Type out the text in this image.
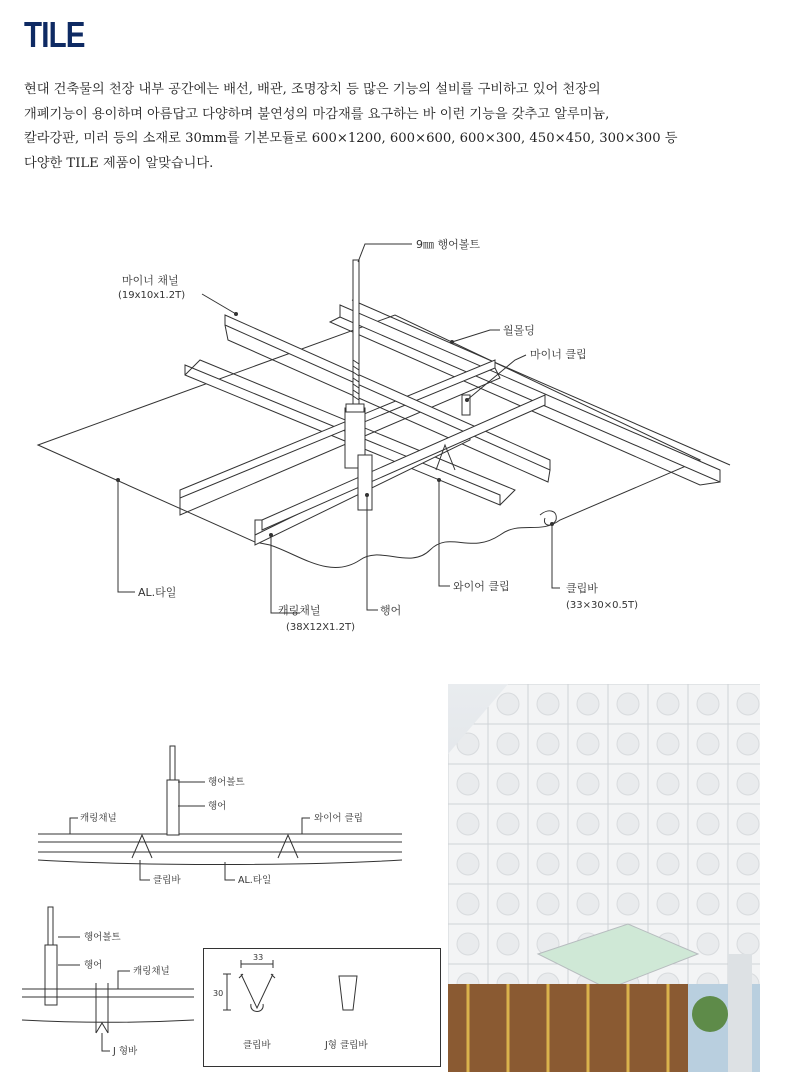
TILE

현대 건축물의 천장 내부 공간에는 배선, 배관, 조명장치 등 많은 기능의 설비를 구비하고 있어 천장의

개폐기능이 용이하며 아름답고 다양하며 불연성의 마감재를 요구하는 바 이런 기능을 갖추고 알루미늄,

칼라강판, 미러 등의 소재로 30mm를 기본모듈로 600×1200, 600×600, 600×300, 450×450, 300×300 등

다양한 TILE 제품이 알맞습니다.

9㎜ 행어볼트
마이너 채널
(19x10x1.2T)
월몰딩
마이너 클립
AL.타일
캐링채널
(38X12X1.2T)
행어
와이어 클립	클립바
(33×30×0.5T)
행어볼트
행어
캐링채널	와이어 클립
클립바	AL.타일
행어볼트
행어
캐링채널
J 형바
33
30
클립바	J형 클립바
